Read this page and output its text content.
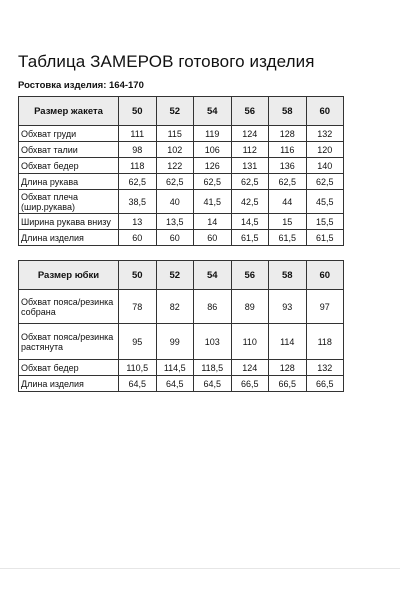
Таблица ЗАМЕРОВ готового изделия
Ростовка изделия: 164-170
Размер жакета	50	52	54	56	58	60
Обхват груди	111	115	119	124	128	132
Обхват талии	98	102	106	112	116	120
Обхват бедер	118	122	126	131	136	140
Длина рукава	62,5	62,5	62,5	62,5	62,5	62,5
Обхват плеча (шир.рукава)	38,5	40	41,5	42,5	44	45,5
Ширина рукава внизу	13	13,5	14	14,5	15	15,5
Длина изделия	60	60	60	61,5	61,5	61,5
Размер юбки	50	52	54	56	58	60
Обхват пояса/резинка собрана	78	82	86	89	93	97
Обхват пояса/резинка растянута	95	99	103	110	114	118
Обхват бедер	110,5	114,5	118,5	124	128	132
Длина изделия	64,5	64,5	64,5	66,5	66,5	66,5
